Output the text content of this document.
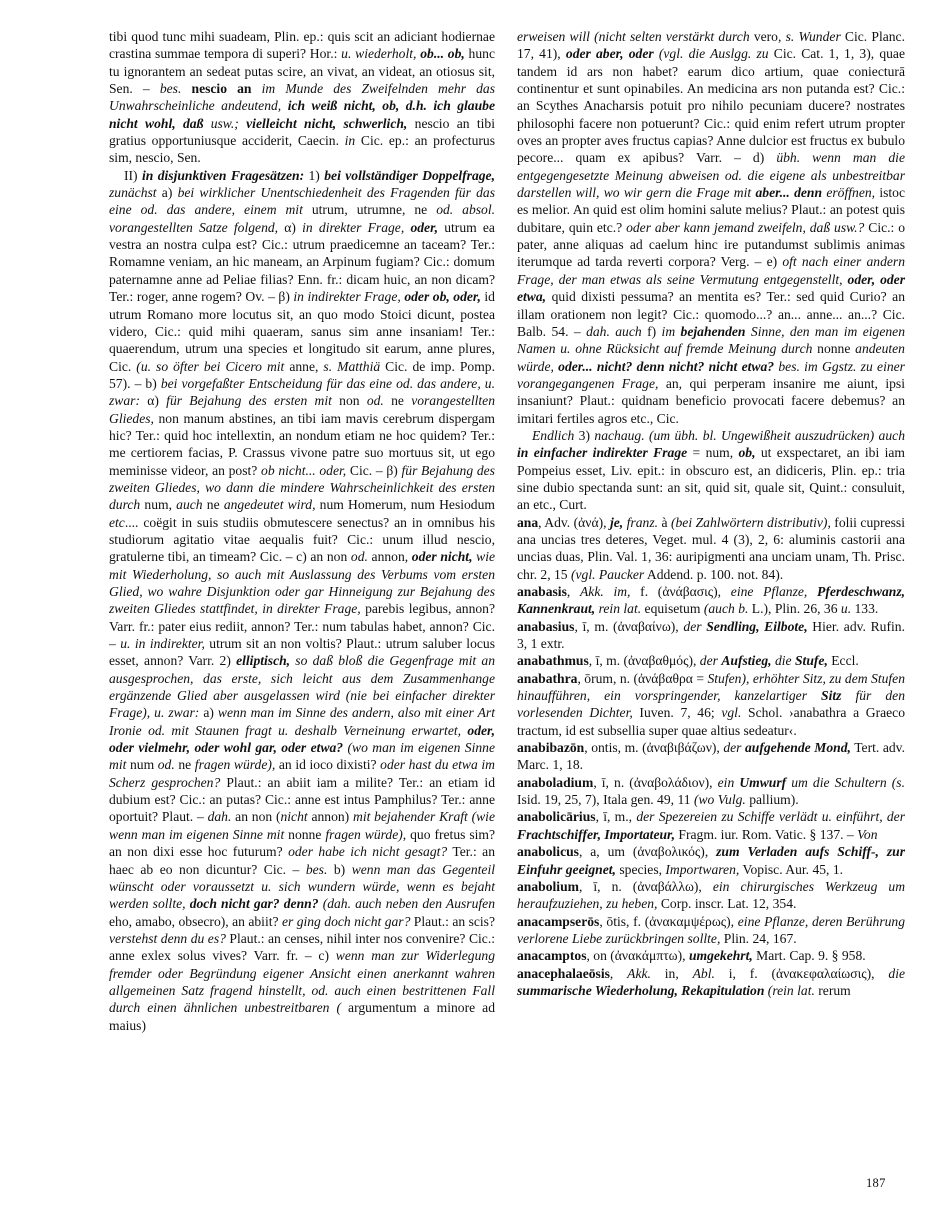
tibi quod tunc mihi suadeam, Plin. ep.: quis scit an adiciant hodiernae crastina summae tempora di superi? Hor.: u. wiederholt, ob... ob, hunc tu ignorantem an sedeat putas scire, an vivat, an videat, an otiosus sit, Sen. – bes. nescio an im Munde des Zweifelnden mehr das Unwahrscheinliche andeutend, ich weiß nicht, ob, d.h. ich glaube nicht wohl, daß usw.; vielleicht nicht, schwerlich, nescio an tibi gratius opportuniusque acciderit, Caecin. in Cic. ep.: an profecturus sim, nescio, Sen.

II) in disjunktiven Fragesätzen: 1) bei vollständiger Doppelfrage, zunächst a) bei wirklicher Unentschiedenheit des Fragenden für das eine od. das andere, einem mit utrum, utrumne, ne od. absol. vorangestellten Satze folgend, α) in direkter Frage, oder, utrum ea vestra an nostra culpa est? Cic.: utrum praedicemne an taceam? Ter.: Romamne veniam, an hic maneam, an Arpinum fugiam? Cic.: domum paternamne anne ad Peliae filias? Enn. fr.: dicam huic, an non dicam? Ter.: roger, anne rogem? Ov. – β) in indirekter Frage, oder ob, oder, id utrum Romano more locutus sit, an quo modo Stoici dicunt, postea videro, Cic.: quid mihi quaeram, sanus sim anne insaniam! Ter.: quaerendum, utrum una species et longitudo sit earum, anne plures, Cic. (u. so öfter bei Cicero mit anne, s. Matthiä Cic. de imp. Pomp. 57). – b) bei vorgefaßter Entscheidung für das eine od. das andere, u. zwar: α) für Bejahung des ersten mit non od. ne vorangestellten Gliedes, non manum abstines, an tibi iam mavis cerebrum dispergam hic? Ter.: quid hoc intellextin, an nondum etiam ne hoc quidem? Ter.: me certiorem facias, P. Crassus vivone patre suo mortuus sit, ut ego meminisse videor, an post? ob nicht... oder, Cic. – β) für Bejahung des zweiten Gliedes, wo dann die mindere Wahrscheinlichkeit des ersten durch num, auch ne angedeutet wird, num Homerum, num Hesiodum etc.... coëgit in suis studiis obmutescere senectus? an in omnibus his studiorum agitatio vitae aequalis fuit? Cic.: unum illud nescio, gratulerne tibi, an timeam? Cic. – c) an non od. annon, oder nicht, wie mit Wiederholung, so auch mit Auslassung des Verbums vom ersten Glied, wo wahre Disjunktion oder gar Hinneigung zur Bejahung des zweiten Gliedes stattfindet, in direkter Frage, parebis legibus, annon? Varr. fr.: pater eius rediit, annon? Ter.: num tabulas habet, annon? Cic. – u. in indirekter, utrum sit an non voltis? Plaut.: utrum saluber locus esset, annon? Varr. 2) elliptisch, so daß bloß die Gegenfrage mit an ausgesprochen, das erste, sich leicht aus dem Zusammenhange ergänzende Glied aber ausgelassen wird (nie bei einfacher direkter Frage), u. zwar: a) wenn man im Sinne des andern, also mit einer Art Ironie od. mit Staunen fragt u. deshalb Verneinung erwartet, oder, oder vielmehr, oder wohl gar, oder etwa? (wo man im eigenen Sinne mit num od. ne fragen würde), an id ioco dixisti? oder hast du etwa im Scherz gesprochen? Plaut.: an abiit iam a milite? Ter.: an etiam id dubium est? Cic.: an putas? Cic.: anne est intus Pamphilus? Ter.: anne oportuit? Plaut. – dah. an non (nicht annon) mit bejahender Kraft (wie wenn man im eigenen Sinne mit nonne fragen würde), quo fretus sim? an non dixi esse hoc futurum? oder habe ich nicht gesagt? Ter.: an haec ab eo non dicuntur? Cic. – bes. b) wenn man das Gegenteil wünscht oder voraussetzt u. sich wundern würde, wenn es bejaht werden sollte, doch nicht gar? denn? (dah. auch neben den Ausrufen eho, amabo, obsecro), an abiit? er ging doch nicht gar? Plaut.: an scis? verstehst denn du es? Plaut.: an censes, nihil inter nos convenire? Cic.: anne exlex solus vives? Varr. fr. – c) wenn man zur Widerlegung fremder oder Begründung eigener Ansicht einen anerkannt wahren allgemeinen Satz fragend hinstellt, od. auch einen bestrittenen Fall durch einen ähnlichen unbestreitbaren ( argumentum a minore ad maius)

erweisen will (nicht selten verstärkt durch vero, s. Wunder Cic. Planc. 17, 41), oder aber, oder (vgl. die Auslgg. zu Cic. Cat. 1, 1, 3), quae tandem id ars non habet? earum dico artium, quae coniecturā continentur et sunt opinabiles. An medicina ars non putanda est? Cic.: an Scythes Anacharsis potuit pro nihilo pecuniam ducere? nostrates philosophi facere non potuerunt? Cic.: quid enim refert utrum propter oves an propter aves fructus capias? Anne dulcior est fructus ex bubulo pecore... quam ex apibus? Varr. – d) übh. wenn man die entgegengesetzte Meinung abweisen od. die eigene als unbestreitbar darstellen will, wo wir gern die Frage mit aber... denn eröffnen, istoc es melior. An quid est olim homini salute melius? Plaut.: an potest quis dubitare, quin etc.? oder aber kann jemand zweifeln, daß usw.? Cic.: o pater, anne aliquas ad caelum hinc ire putandumst sublimis animas iterumque ad tarda reverti corpora? Verg. – e) oft nach einer andern Frage, der man etwas als seine Vermutung entgegenstellt, oder, oder etwa, quid dixisti pessuma? an mentita es? Ter.: sed quid Curio? an illam orationem non legit? Cic.: quomodo...? an... anne... an...? Cic. Balb. 54. – dah. auch f) im bejahenden Sinne, den man im eigenen Namen u. ohne Rücksicht auf fremde Meinung durch nonne andeuten würde, oder... nicht? denn nicht? nicht etwa? bes. im Ggstz. zu einer vorangegangenen Frage, an, qui perperam insanire me aiunt, ipsi insaniunt? Plaut.: quidnam beneficio provocati facere debemus? an imitari fertiles agros etc., Cic.

Endlich 3) nachaug. (um übh. bl. Ungewißheit auszudrücken) auch in einfacher indirekter Frage = num, ob, ut exspectaret, an ibi iam Pompeius esset, Liv. epit.: in obscuro est, an didiceris, Plin. ep.: tria sine dubio spectanda sunt: an sit, quid sit, quale sit, Quint.: consuluit, an etc., Curt.

ana, Adv. (ἀνά), je, franz. à (bei Zahlwörtern distributiv), folii cupressi ana uncias tres deteres, Veget. mul. 4 (3), 2, 6: aluminis castorii ana uncias duas, Plin. Val. 1, 36: auripigmenti ana unciam unam, Th. Prisc. chr. 2, 15 (vgl. Paucker Addend. p. 100. not. 84).

anabasis, Akk. im, f. (ἀνάβασις), eine Pflanze, Pferdeschwanz, Kannenkraut, rein lat. equisetum (auch b. L.), Plin. 26, 36 u. 133.

anabasius, ī, m. (ἀναβαίνω), der Sendling, Eilbote, Hier. adv. Rufin. 3, 1 extr.

anabathmus, ī, m. (ἀναβαθμός), der Aufstieg, die Stufe, Eccl.

anabathra, ōrum, n. (ἀνάβαθρα = Stufen), erhöhter Sitz, zu dem Stufen hinaufführen, ein vorspringender, kanzelartiger Sitz für den vorlesenden Dichter, Iuven. 7, 46; vgl. Schol. ›anabathra a Graeco tractum, id est subsellia super quae altius sedeatur‹.

anabibazōn, ontis, m. (ἀναβιβάζων), der aufgehende Mond, Tert. adv. Marc. 1, 18.

anaboladium, ī, n. (ἀναβολάδιον), ein Umwurf um die Schultern (s. Isid. 19, 25, 7), Itala gen. 49, 11 (wo Vulg. pallium).

anabolicārius, ī, m., der Spezereien zu Schiffe verlädt u. einführt, der Frachtschiffer, Importateur, Fragm. iur. Rom. Vatic. § 137. – Von

anabolicus, a, um (ἀναβολικός), zum Verladen aufs Schiff-, zur Einfuhr geeignet, species, Importwaren, Vopisc. Aur. 45, 1.

anabolium, ī, n. (ἀναβάλλω), ein chirurgisches Werkzeug um heraufzuziehen, zu heben, Corp. inscr. Lat. 12, 354.

anacampserōs, ōtis, f. (ἀνακαμψέρως), eine Pflanze, deren Berührung verlorene Liebe zurückbringen sollte, Plin. 24, 167.

anacamptos, on (ἀνακάμπτω), umgekehrt, Mart. Cap. 9. § 958.

anacephalaeōsis, Akk. in, Abl. i, f. (ἀνακεφαλαίωσις), die summarische Wiederholung, Rekapitulation (rein lat. rerum

187
